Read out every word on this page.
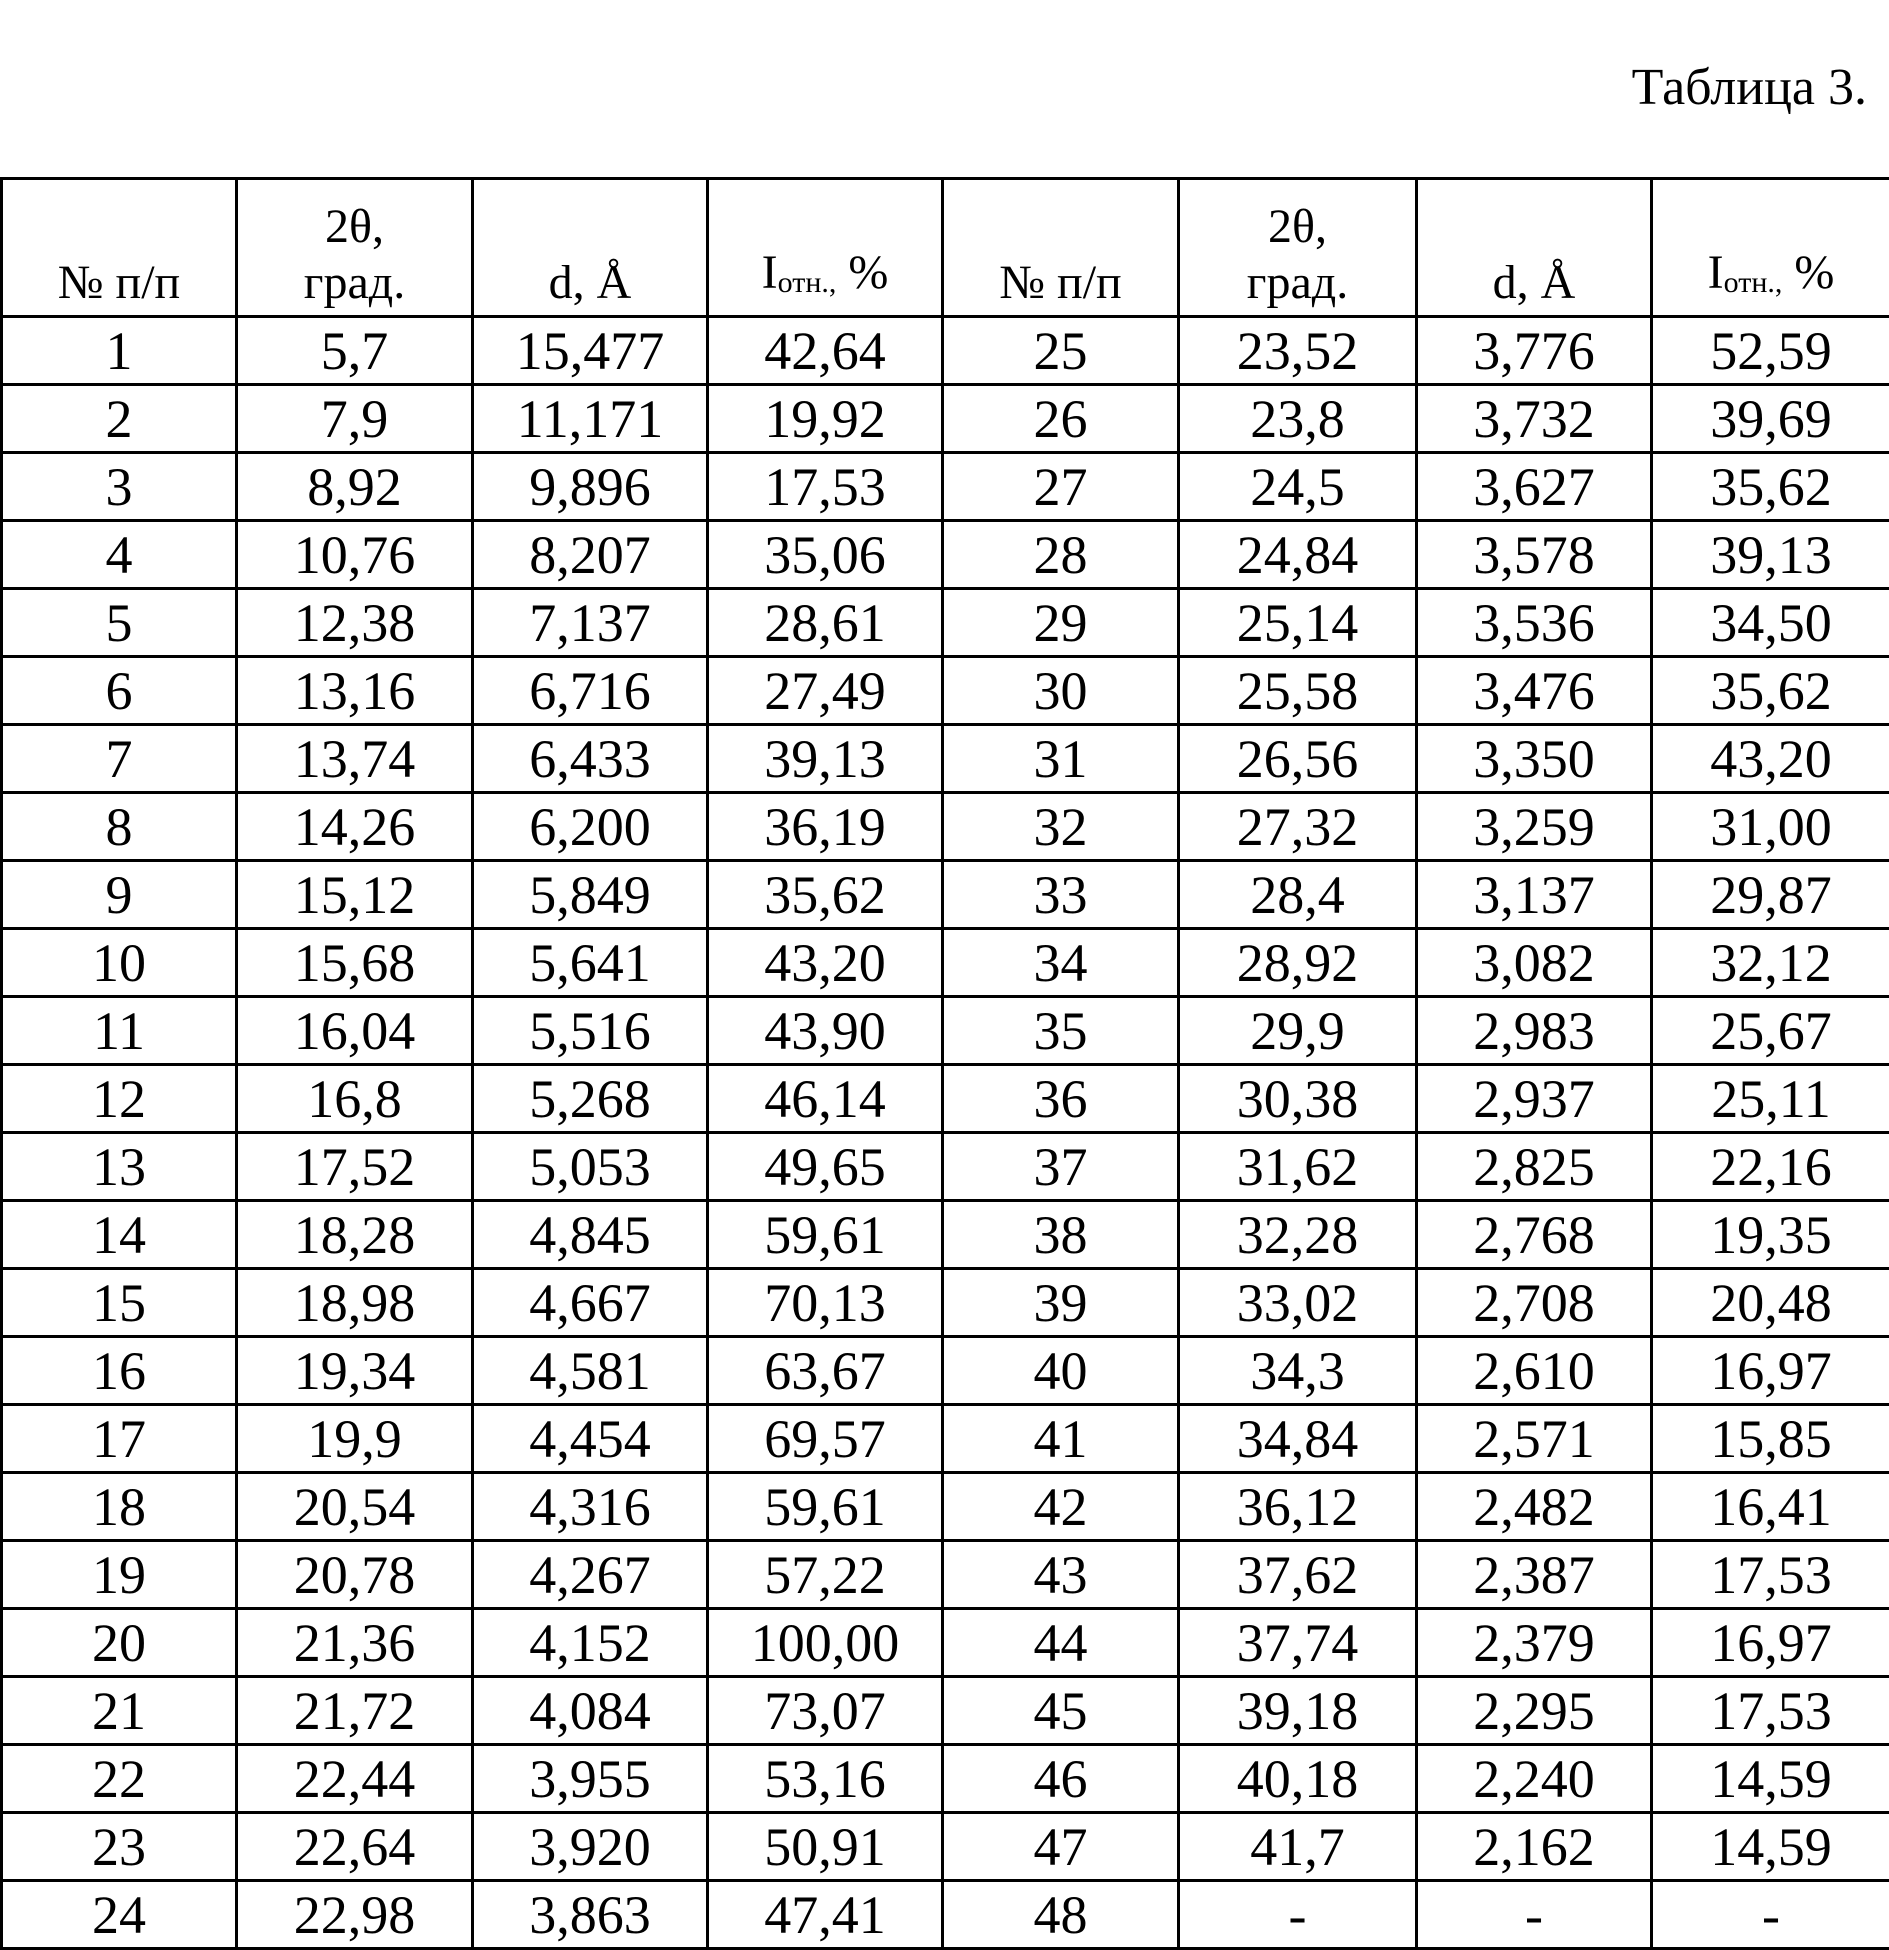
Таблица 3.
№ п/п	2θ,
град.	d, Å	Iотн., %	№ п/п	2θ,
град.	d, Å	Iотн., %
1	5,7	15,477	42,64	25	23,52	3,776	52,59
2	7,9	11,171	19,92	26	23,8	3,732	39,69
3	8,92	9,896	17,53	27	24,5	3,627	35,62
4	10,76	8,207	35,06	28	24,84	3,578	39,13
5	12,38	7,137	28,61	29	25,14	3,536	34,50
6	13,16	6,716	27,49	30	25,58	3,476	35,62
7	13,74	6,433	39,13	31	26,56	3,350	43,20
8	14,26	6,200	36,19	32	27,32	3,259	31,00
9	15,12	5,849	35,62	33	28,4	3,137	29,87
10	15,68	5,641	43,20	34	28,92	3,082	32,12
11	16,04	5,516	43,90	35	29,9	2,983	25,67
12	16,8	5,268	46,14	36	30,38	2,937	25,11
13	17,52	5,053	49,65	37	31,62	2,825	22,16
14	18,28	4,845	59,61	38	32,28	2,768	19,35
15	18,98	4,667	70,13	39	33,02	2,708	20,48
16	19,34	4,581	63,67	40	34,3	2,610	16,97
17	19,9	4,454	69,57	41	34,84	2,571	15,85
18	20,54	4,316	59,61	42	36,12	2,482	16,41
19	20,78	4,267	57,22	43	37,62	2,387	17,53
20	21,36	4,152	100,00	44	37,74	2,379	16,97
21	21,72	4,084	73,07	45	39,18	2,295	17,53
22	22,44	3,955	53,16	46	40,18	2,240	14,59
23	22,64	3,920	50,91	47	41,7	2,162	14,59
24	22,98	3,863	47,41	48	-	-	-
